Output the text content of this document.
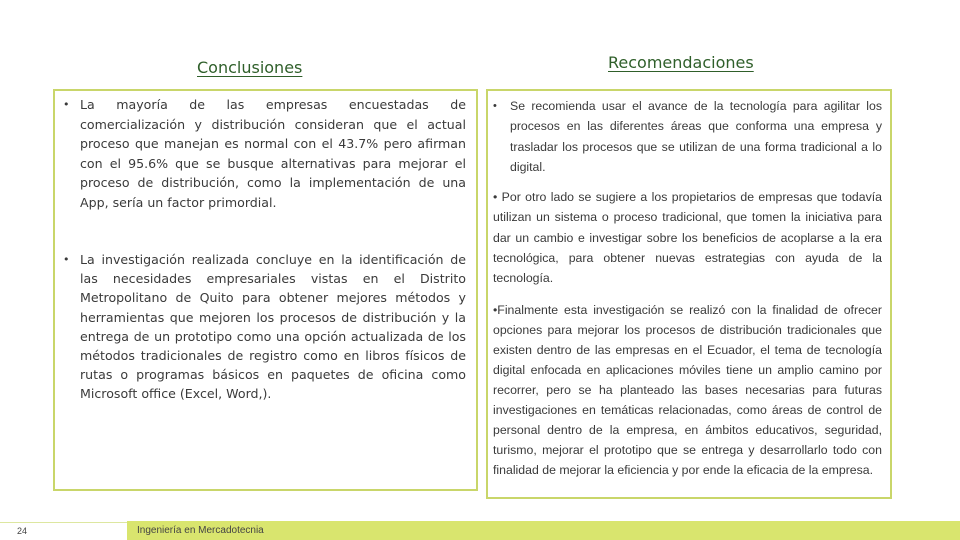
Conclusiones
• La mayoría de las empresas encuestadas de comercialización y distribución consideran que el actual proceso que manejan es normal con el 43.7% pero afirman con el 95.6% que se busque alternativas para mejorar el proceso de distribución, como la implementación de una App, sería un factor primordial.
• La investigación realizada concluye en la identificación de las necesidades empresariales vistas en el Distrito Metropolitano de Quito para obtener mejores métodos y herramientas que mejoren los procesos de distribución y la entrega de un prototipo como una opción actualizada de los métodos tradicionales de registro como en libros físicos de rutas o programas básicos en paquetes de oficina como Microsoft office (Excel, Word,).
Recomendaciones
• Se recomienda usar el avance de la tecnología para agilitar los procesos en las diferentes áreas que conforma una empresa y trasladar los procesos que se utilizan de una forma tradicional a lo digital.
• Por otro lado se sugiere a los propietarios de empresas que todavía utilizan un sistema o proceso tradicional, que tomen la iniciativa para dar un cambio e investigar sobre los beneficios de acoplarse a la era tecnológica, para obtener nuevas estrategias con ayuda de la tecnología.
•Finalmente esta investigación se realizó con la finalidad de ofrecer opciones para mejorar los procesos de distribución tradicionales que existen dentro de las empresas en el Ecuador, el tema de tecnología digital enfocada en aplicaciones móviles tiene un amplio camino por recorrer, pero se ha planteado las bases necesarias para futuras investigaciones en temáticas relacionadas, como áreas de control de personal dentro de la empresa, en ámbitos educativos, seguridad, turismo, mejorar el prototipo que se entrega y desarrollarlo todo con finalidad de mejorar la eficiencia y por ende la eficacia de la empresa.
24	Ingeniería en Mercadotecnia
